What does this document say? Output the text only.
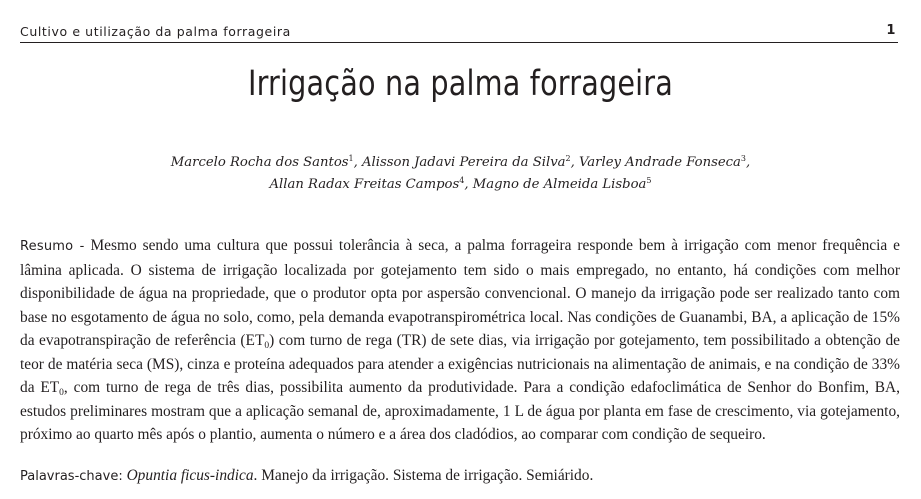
Cultivo e utilização da palma forrageira	1
Irrigação na palma forrageira
Marcelo Rocha dos Santos$^1$, Alisson Jadavi Pereira da Silva$^2$, Varley Andrade Fonseca$^3$,
Allan Radax Freitas Campos$^4$, Magno de Almeida Lisboa$^5$
Resumo - Mesmo sendo uma cultura que possui tolerância à seca, a palma forrageira responde bem à irrigação com menor frequência e lâmina aplicada. O sistema de irrigação localizada por gotejamento tem sido o mais empregado, no entanto, há condições com melhor disponibilidade de água na propriedade, que o produtor opta por aspersão convencional. O manejo da irrigação pode ser realizado tanto com base no esgotamento de água no solo, como, pela demanda evapotranspirométrica local. Nas condições de Guanambi, BA, a aplicação de 15% da evapotranspiração de referência $(ET_0)$ com turno de rega (TR) de sete dias, via irrigação por gotejamento, tem possibilitado a obtenção de teor de matéria seca (MS), cinza e proteína adequados para atender a exigências nutricionais na alimentação de animais, e na condição de 33% da $ET_0$, com turno de rega de três dias, possibilita aumento da produtividade. Para a condição edafoclimática de Senhor do Bonfim, BA, estudos preliminares mostram que a aplicação semanal de, aproximadamente, 1 L de água por planta em fase de crescimento, via gotejamento, próximo ao quarto mês após o plantio, aumenta o número e a área dos cladódios, ao comparar com condição de sequeiro.
Palavras-chave: Opuntia ficus-indica. Manejo da irrigação. Sistema de irrigação. Semiárido.
